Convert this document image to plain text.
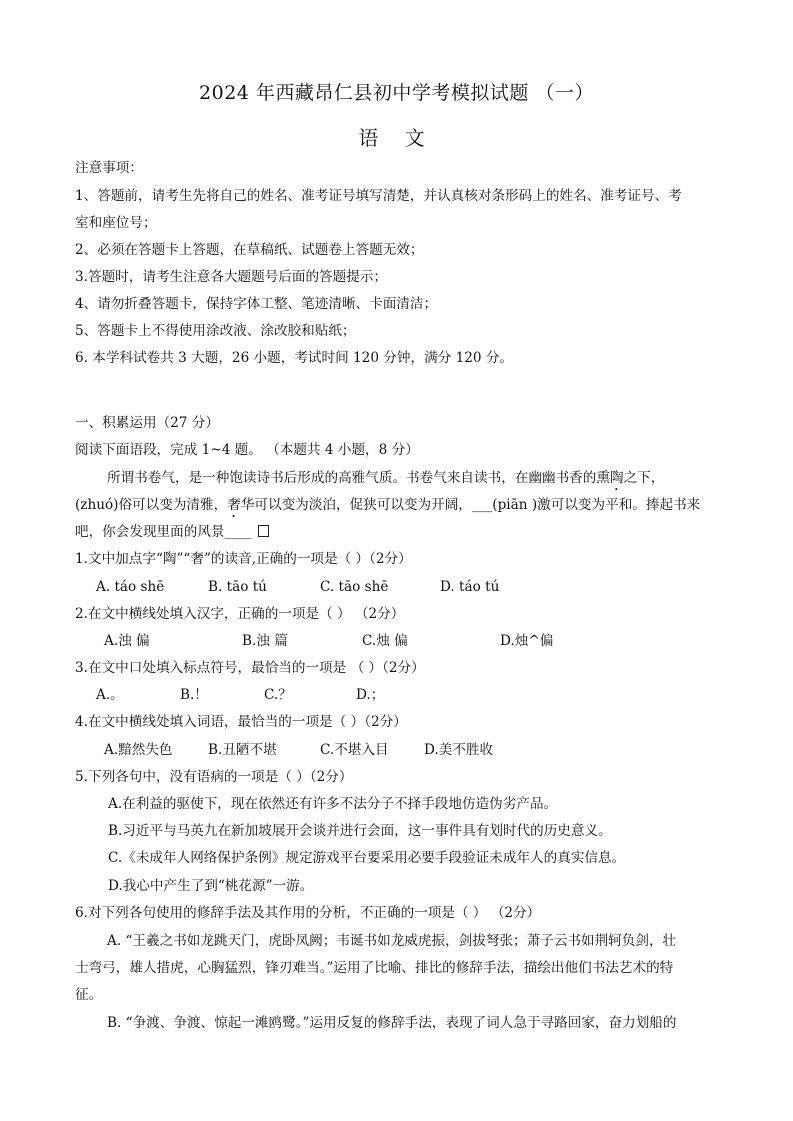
2024 年西藏昂仁县初中学考模拟试题 （一）
语 文
注意事项：
1、答题前，请考生先将自己的姓名、准考证号填写清楚，并认真核对条形码上的姓名、准考证号、考
室和座位号；
2、必须在答题卡上答题，在草稿纸、试题卷上答题无效；
3.答题时，请考生注意各大题题号后面的答题提示；
4、请勿折叠答题卡，保持字体工整、笔迹清晰、卡面清洁；
5、答题卡上不得使用涂改液、涂改胶和贴纸；
6. 本学科试卷共 3 大题，26 小题，考试时间 120 分钟，满分 120 分。
一、积累运用（27 分）
阅读下面语段，完成 1~4 题。 （本题共 4 小题，8 分）
所谓书卷气，是一种饱读诗书后形成的高雅气质。书卷气来自读书，在幽幽书香的熏陶之下，
(zhuó)俗可以变为清雅，奢华可以变为淡泊，促狭可以变为开阔，___(piān )激可以变为平和。捧起书来
吧，你会发现里面的风景____
1.文中加点字“陶”“奢”的读音,正确的一项是（ ）（2分）
A. táo shē	B. tāo tú	C. tāo shē	D. táo tú
2.在文中横线处填入汉字，正确的一项是（ ） （2分）
A.浊 偏	B.浊 篇	C.烛 偏	D.烛^偏
3.在文中口处填入标点符号，最恰当的一项是 （ ）（2分）
A.。	B.！	C.？	D.；
4.在文中横线处填入词语，最恰当的一项是（ ）（2分）
A.黯然失色	B.丑陋不堪	C.不堪入目	D.美不胜收
5.下列各句中，没有语病的一项是（ ）（2分）
A.在利益的驱使下，现在依然还有许多不法分子不择手段地仿造伪劣产品。
B.习近平与马英九在新加坡展开会谈并进行会面，这一事件具有划时代的历史意义。
C.《未成年人网络保护条例》规定游戏平台要采用必要手段验证未成年人的真实信息。
D.我心中产生了到“桃花源”一游。
6.对下列各句使用的修辞手法及其作用的分析，不正确的一项是（ ） （2分）
A. “王羲之书如龙跳天门，虎卧凤阙；韦诞书如龙威虎振，剑拔弩张；萧子云书如荆轲负剑，壮
士弯弓，雄人措虎，心胸猛烈，锋刃难当。”运用了比喻、排比的修辞手法，描绘出他们书法艺术的特
征。
B. “争渡、争渡、惊起一滩鸥鹭。”运用反复的修辞手法，表现了词人急于寻路回家，奋力划船的
